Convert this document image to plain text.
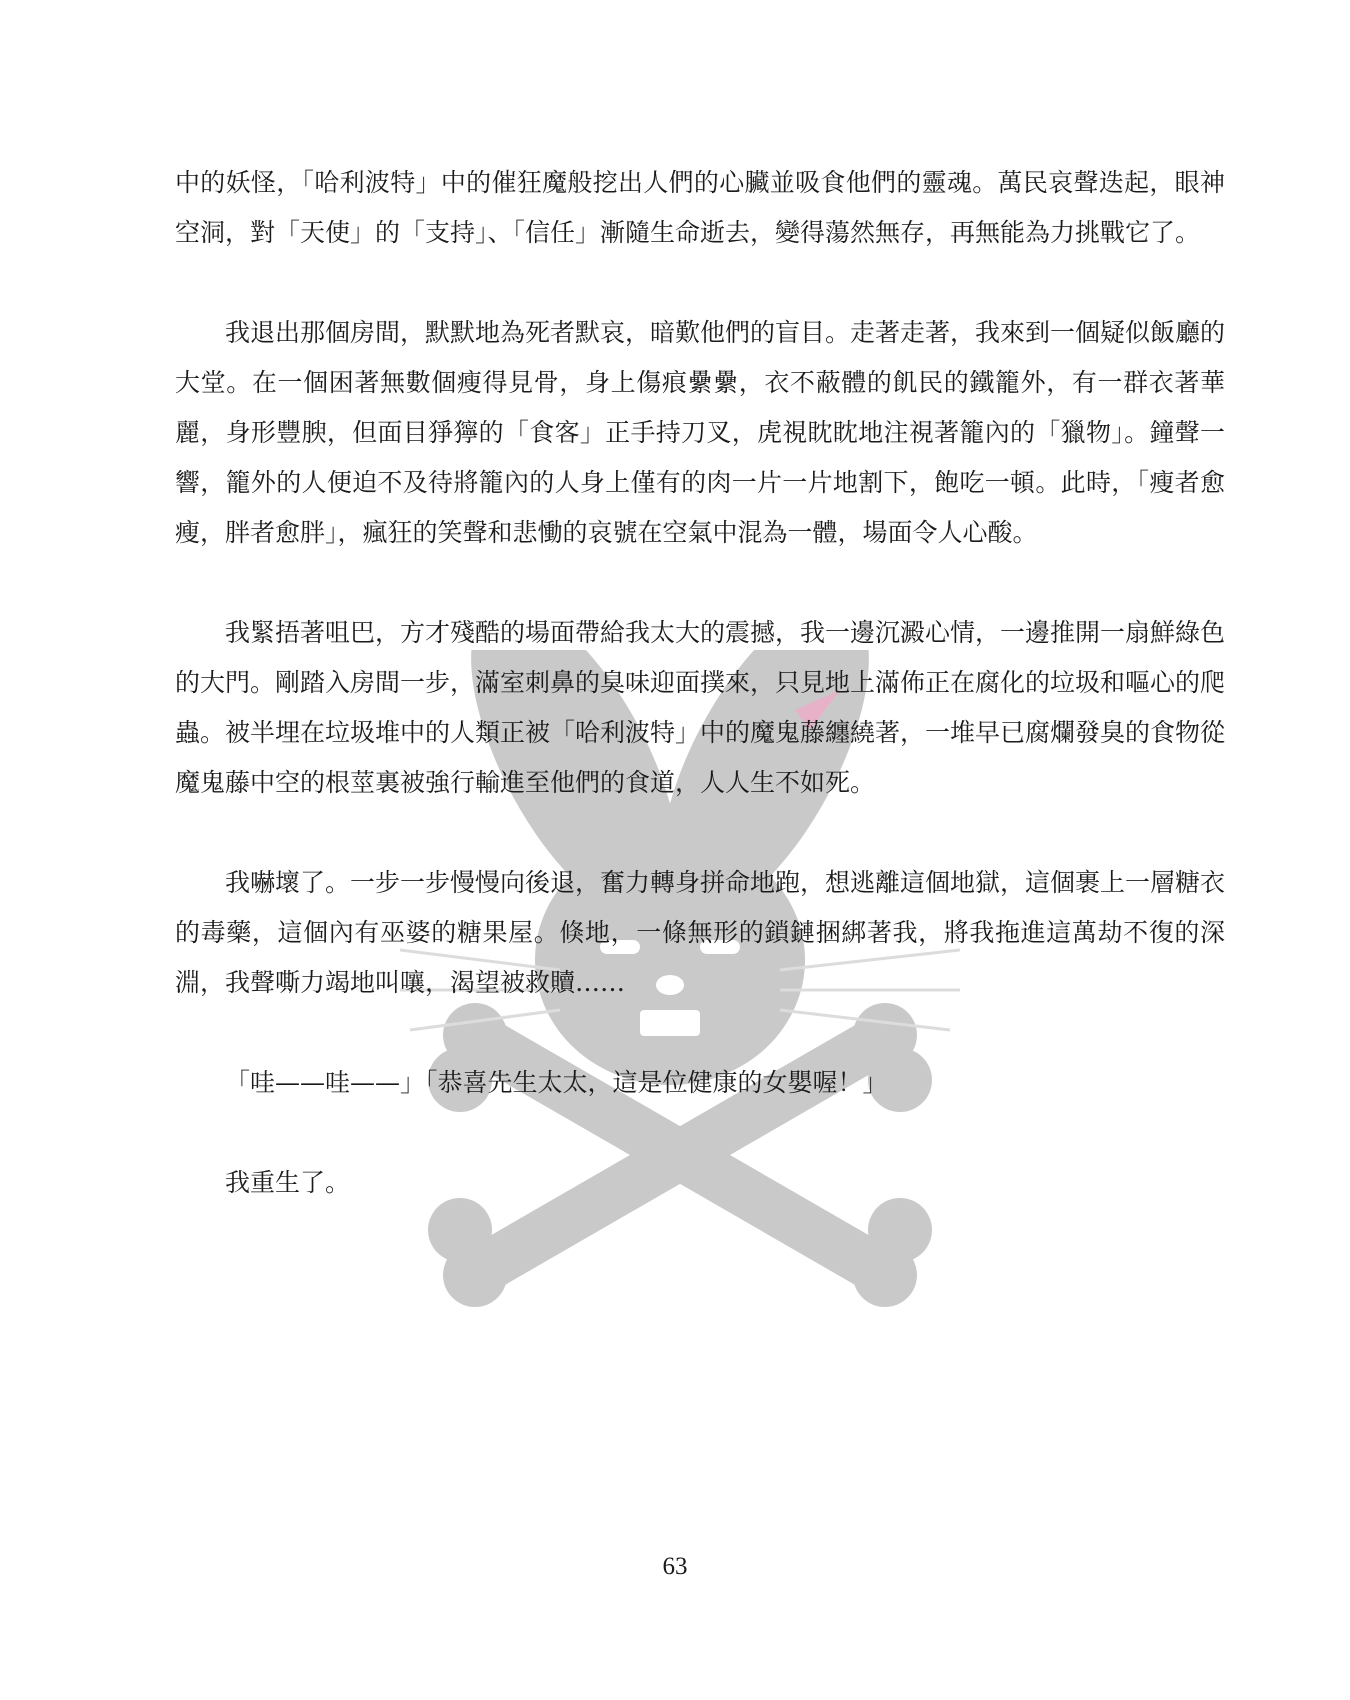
中的妖怪，「哈利波特」中的催狂魔般挖出人們的心臟並吸食他們的靈魂。萬民哀聲迭起，眼神空洞，對「天使」的「支持」、「信任」漸隨生命逝去，變得蕩然無存，再無能為力挑戰它了。

我退出那個房間，默默地為死者默哀，暗歎他們的盲目。走著走著，我來到一個疑似飯廳的大堂。在一個困著無數個瘦得見骨，身上傷痕纍纍，衣不蔽體的飢民的鐵籠外，有一群衣著華麗，身形豐腴，但面目猙獰的「食客」正手持刀叉，虎視眈眈地注視著籠內的「獵物」。鐘聲一響，籠外的人便迫不及待將籠內的人身上僅有的肉一片一片地割下，飽吃一頓。此時，「瘦者愈瘦，胖者愈胖」，瘋狂的笑聲和悲慟的哀號在空氣中混為一體，場面令人心酸。

我緊捂著咀巴，方才殘酷的場面帶給我太大的震撼，我一邊沉澱心情，一邊推開一扇鮮綠色的大門。剛踏入房間一步，滿室刺鼻的臭味迎面撲來，只見地上滿佈正在腐化的垃圾和嘔心的爬蟲。被半埋在垃圾堆中的人類正被「哈利波特」中的魔鬼藤纏繞著，一堆早已腐爛發臭的食物從魔鬼藤中空的根莖裏被強行輸進至他們的食道，人人生不如死。

我嚇壞了。一步一步慢慢向後退，奮力轉身拼命地跑，想逃離這個地獄，這個裹上一層糖衣的毒藥，這個內有巫婆的糖果屋。倏地，一條無形的鎖鏈捆綁著我，將我拖進這萬劫不復的深淵，我聲嘶力竭地叫嚷，渴望被救贖……

「哇——哇——」「恭喜先生太太，這是位健康的女嬰喔！」

我重生了。

63
